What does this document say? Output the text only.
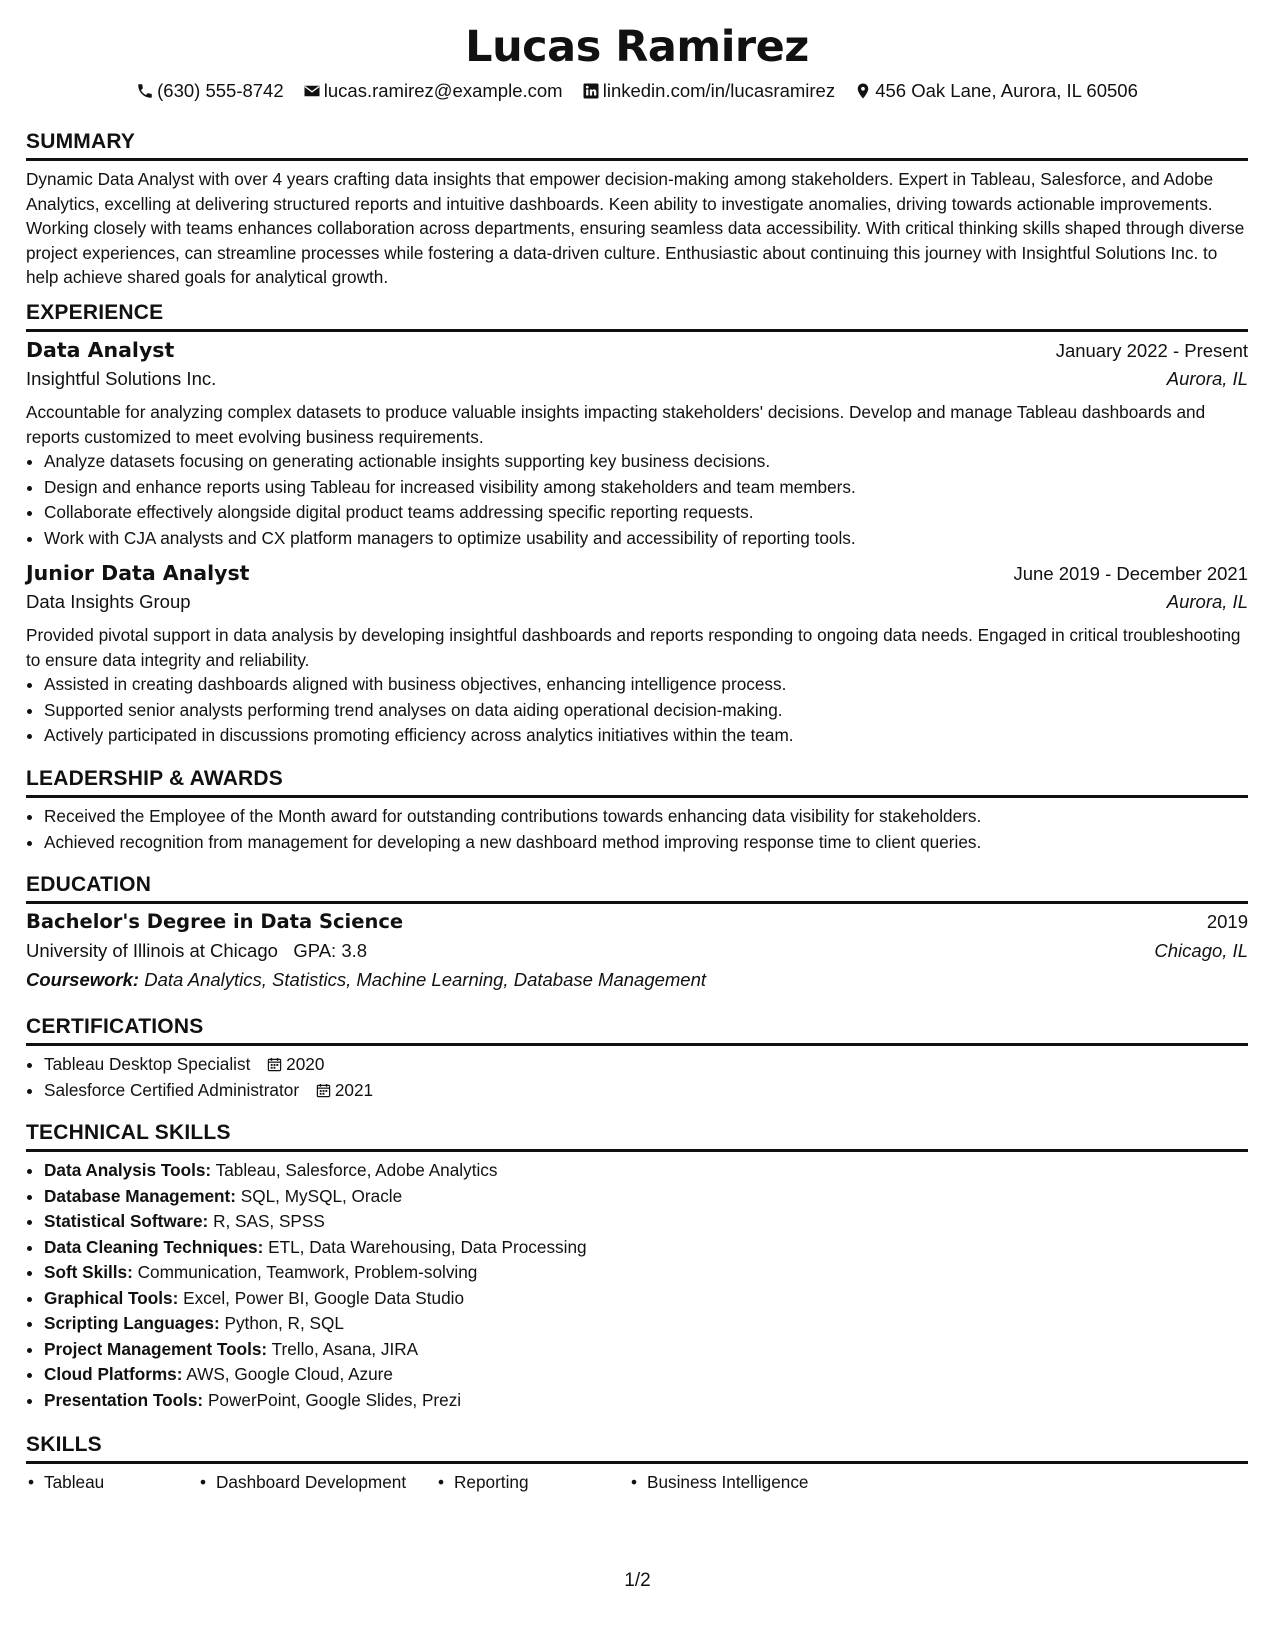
Lucas Ramirez
(630) 555-8742 lucas.ramirez@example.com linkedin.com/in/lucasramirez 456 Oak Lane, Aurora, IL 60506
SUMMARY

Dynamic Data Analyst with over 4 years crafting data insights that empower decision-making among stakeholders. Expert in Tableau, Salesforce, and Adobe Analytics, excelling at delivering structured reports and intuitive dashboards. Keen ability to investigate anomalies, driving towards actionable improvements. Working closely with teams enhances collaboration across departments, ensuring seamless data accessibility. With critical thinking skills shaped through diverse project experiences, can streamline processes while fostering a data-driven culture. Enthusiastic about continuing this journey with Insightful Solutions Inc. to help achieve shared goals for analytical growth.

EXPERIENCE
Data Analyst	January 2022 - Present
Insightful Solutions Inc.	Aurora, IL

Accountable for analyzing complex datasets to produce valuable insights impacting stakeholders' decisions. Develop and manage Tableau dashboards and reports customized to meet evolving business requirements.

• Analyze datasets focusing on generating actionable insights supporting key business decisions.
• Design and enhance reports using Tableau for increased visibility among stakeholders and team members.
• Collaborate effectively alongside digital product teams addressing specific reporting requests.
• Work with CJA analysts and CX platform managers to optimize usability and accessibility of reporting tools.
Junior Data Analyst	June 2019 - December 2021
Data Insights Group	Aurora, IL

Provided pivotal support in data analysis by developing insightful dashboards and reports responding to ongoing data needs. Engaged in critical troubleshooting to ensure data integrity and reliability.

• Assisted in creating dashboards aligned with business objectives, enhancing intelligence process.
• Supported senior analysts performing trend analyses on data aiding operational decision-making.
• Actively participated in discussions promoting efficiency across analytics initiatives within the team.
LEADERSHIP & AWARDS
• Received the Employee of the Month award for outstanding contributions towards enhancing data visibility for stakeholders.
• Achieved recognition from management for developing a new dashboard method improving response time to client queries.
EDUCATION
Bachelor's Degree in Data Science	2019
University of Illinois at Chicago GPA: 3.8	Chicago, IL
Coursework: Data Analytics, Statistics, Machine Learning, Database Management
CERTIFICATIONS
• Tableau Desktop Specialist 2020
• Salesforce Certified Administrator 2021
TECHNICAL SKILLS
• Data Analysis Tools: Tableau, Salesforce, Adobe Analytics
• Database Management: SQL, MySQL, Oracle
• Statistical Software: R, SAS, SPSS
• Data Cleaning Techniques: ETL, Data Warehousing, Data Processing
• Soft Skills: Communication, Teamwork, Problem-solving
• Graphical Tools: Excel, Power BI, Google Data Studio
• Scripting Languages: Python, R, SQL
• Project Management Tools: Trello, Asana, JIRA
• Cloud Platforms: AWS, Google Cloud, Azure
• Presentation Tools: PowerPoint, Google Slides, Prezi
SKILLS
• Tableau	• Dashboard Development	• Reporting	• Business Intelligence
1/2
